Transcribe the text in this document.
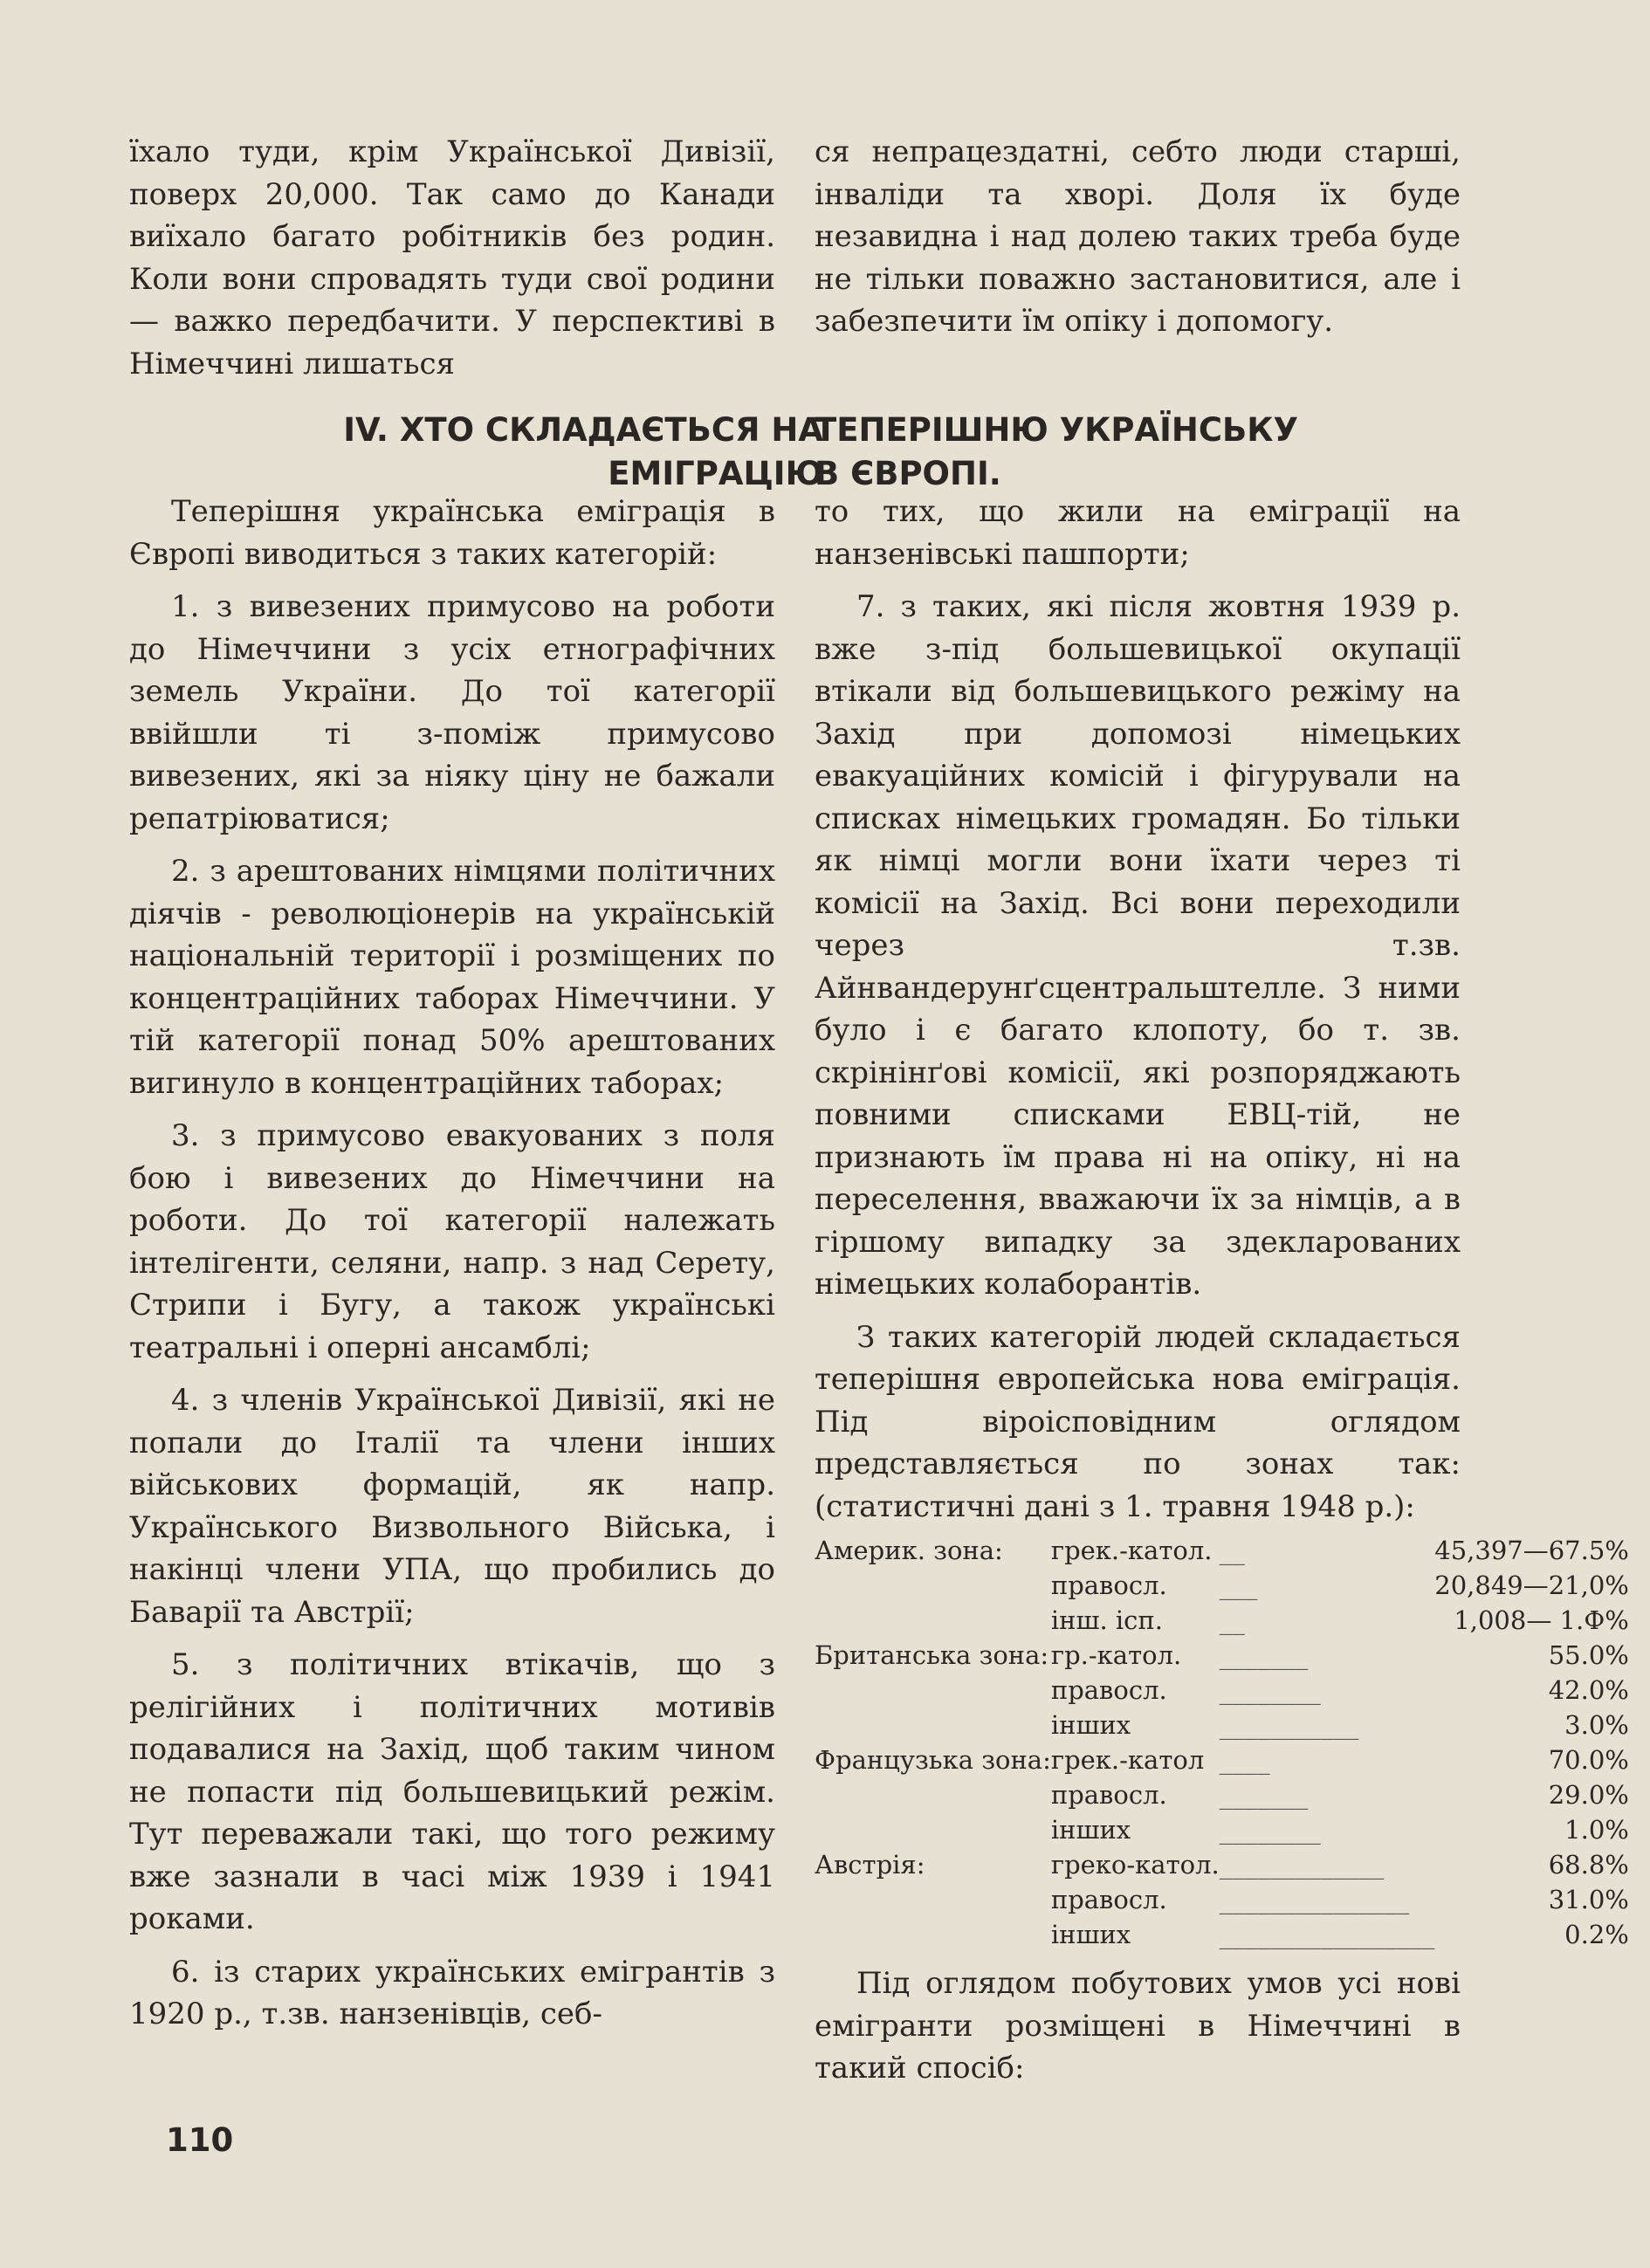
їхало туди, крім Української Дивізії, поверх 20,000. Так само до Канади виїхало багато робітників без родин. Коли вони спровадять туди свої родини — важко передбачити. У перспективі в Німеччині лишаться

ся непрацездатні, себто люди старші, інваліди та хворі. Доля їх буде незавидна і над долею таких треба буде не тільки поважно застановитися, але і забезпечити їм опіку і допомогу.

IV. ХТО СКЛАДАЄТЬСЯ НА
ТЕПЕРІШНЮ УКРАЇНСЬКУ
ЕМІГРАЦІЮ
В ЄВРОПІ.

Теперішня українська еміграція в Європі виводиться з таких категорій:

1. з вивезених примусово на роботи до Німеччини з усіх етнографічних земель України. До тої категорії ввійшли ті з-поміж примусово вивезених, які за ніяку ціну не бажали репатріюватися;

2. з арештованих німцями політичних діячів - революціонерів на українській національній території і розміщених по концентраційних таборах Німеччини. У тій категорії понад 50% арештованих вигинуло в концентраційних таборах;

3. з примусово евакуованих з поля бою і вивезених до Німеччини на роботи. До тої категорії належать інтелігенти, селяни, напр. з над Серету, Стрипи і Бугу, а також українські театральні і оперні ансамблі;

4. з членів Української Дивізії, які не попали до Італії та члени інших військових формацій, як напр. Українського Визвольного Війська, і накінці члени УПА, що пробились до Баварії та Австрії;

5. з політичних втікачів, що з релігійних і політичних мотивів подавалися на Захід, щоб таким чином не попасти під большевицький режім. Тут переважали такі, що того режиму вже зазнали в часі між 1939 і 1941 роками.

6. із старих українських емігрантів з 1920 р., т.зв. нанзенівців, себ-

то тих, що жили на еміграції на нанзенівські пашпорти;

7. з таких, які після жовтня 1939 р. вже з-під большевицької окупації втікали від большевицького режіму на Захід при допомозі німецьких евакуаційних комісій і фігурували на списках німецьких громадян. Бо тільки як німці могли вони їхати через ті комісії на Захід. Всі вони переходили через т.зв. Айнвандерунґсцентральштелле. З ними було і є багато клопоту, бо т. зв. скрінінґові комісії, які розпоряджають повними списками ЕВЦ-тій, не признають їм права ні на опіку, ні на переселення, вважаючи їх за німців, а в гіршому випадку за здекларованих німецьких колаборантів.

З таких категорій людей складається теперішня европейська нова еміграція. Під віроісповідним оглядом представляється по зонах так: (статистичні дані з 1. травня 1948 р.):

Америк. зона:	грек.-катол.	__	45,397—67.5%
	правосл.	___	20,849—21,0%
	інш. ісп.	__	1,008— 1.Ф%
Британська зона:	гр.-катол.	_______	55.0%
	правосл.	________	42.0%
	інших	___________	3.0%
Французька зона:	грек.-катол	____	70.0%
	правосл.	_______	29.0%
	інших	________	1.0%
Австрія:	греко-катол.	_____________	68.8%
	правосл.	_______________	31.0%
	інших	_________________	0.2%

Під оглядом побутових умов усі нові емігранти розміщені в Німеччині в такий спосіб:

110
